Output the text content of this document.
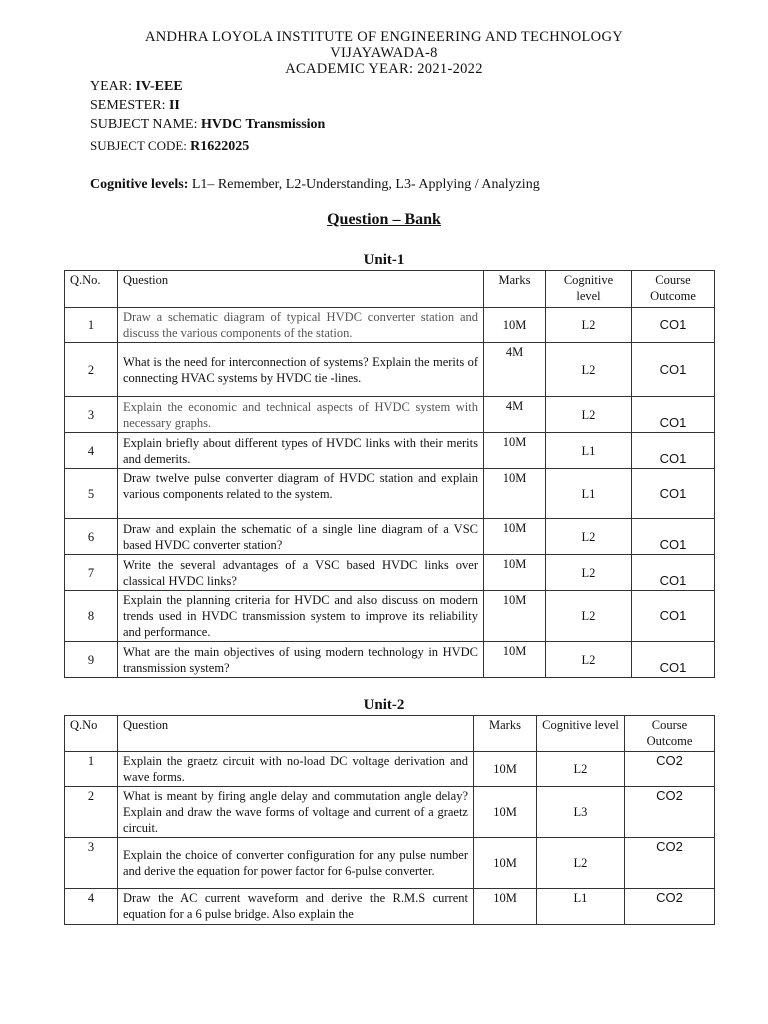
ANDHRA LOYOLA INSTITUTE OF ENGINEERING AND TECHNOLOGY
VIJAYAWADA-8
ACADEMIC YEAR: 2021-2022
YEAR: IV-EEE
SEMESTER: II
SUBJECT NAME: HVDC Transmission
SUBJECT CODE: R1622025
Cognitive levels: L1– Remember, L2-Understanding, L3- Applying / Analyzing
Question – Bank
Unit-1
Q.No.	Question	Marks	Cognitive level	Course Outcome
1	Draw a schematic diagram of typical HVDC converter station and discuss the various components of the station.	10M	L2	CO1
2	What is the need for interconnection of systems? Explain the merits of connecting HVAC systems by HVDC tie -lines.	4M	L2	CO1
3	Explain the economic and technical aspects of HVDC system with necessary graphs.	4M	L2	CO1
4	Explain briefly about different types of HVDC links with their merits and demerits.	10M	L1	CO1
5	Draw twelve pulse converter diagram of HVDC station and explain various components related to the system.	10M	L1	CO1
6	Draw and explain the schematic of a single line diagram of a VSC based HVDC converter station?	10M	L2	CO1
7	Write the several advantages of a VSC based HVDC links over classical HVDC links?	10M	L2	CO1
8	Explain the planning criteria for HVDC and also discuss on modern trends used in HVDC transmission system to improve its reliability and performance.	10M	L2	CO1
9	What are the main objectives of using modern technology in HVDC transmission system?	10M	L2	CO1
Unit-2
Q.No	Question	Marks	Cognitive level	Course Outcome
1	Explain the graetz circuit with no-load DC voltage derivation and wave forms.	10M	L2	CO2
2	What is meant by firing angle delay and commutation angle delay? Explain and draw the wave forms of voltage and current of a graetz circuit.	10M	L3	CO2
3	Explain the choice of converter configuration for any pulse number and derive the equation for power factor for 6-pulse converter.	10M	L2	CO2
4	Draw the AC current waveform and derive the R.M.S current equation for a 6 pulse bridge. Also explain the	10M	L1	CO2
